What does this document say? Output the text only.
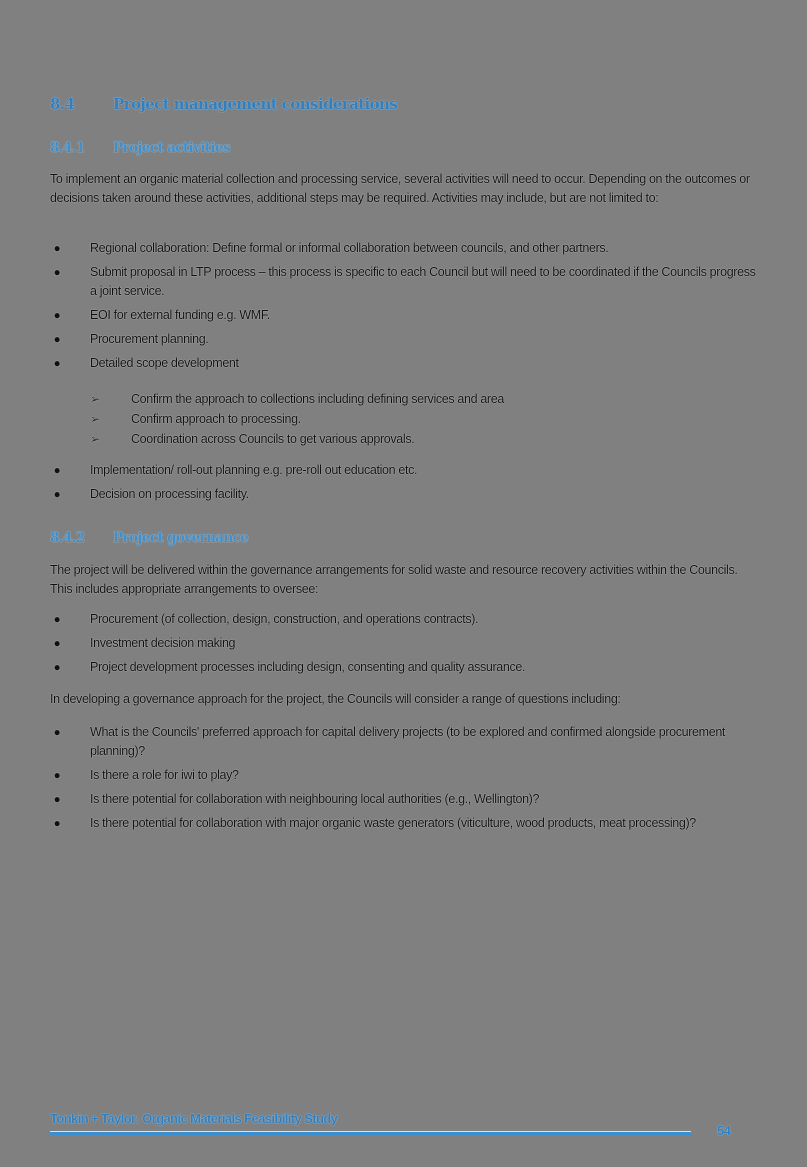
8.4	Project management considerations
8.4.1 Project activities

To implement an organic material collection and processing service, several activities will need to occur. Depending on the outcomes or decisions taken around these activities, additional steps may be required. Activities may include, but are not limited to:

● Regional collaboration: Define formal or informal collaboration between councils, and other partners.
● Submit proposal in LTP process – this process is specific to each Council but will need to be coordinated if the Councils progress a joint service.
● EOI for external funding e.g. WMF.
● Procurement planning.
● Detailed scope development
➢	Confirm the approach to collections including defining services and area
➢	Confirm approach to processing.
➢	Coordination across Councils to get various approvals.
● Implementation/ roll-out planning e.g. pre-roll out education etc.
● Decision on processing facility.
8.4.2 Project governance

The project will be delivered within the governance arrangements for solid waste and resource recovery activities within the Councils. This includes appropriate arrangements to oversee:

● Procurement (of collection, design, construction, and operations contracts).
● Investment decision making
● Project development processes including design, consenting and quality assurance.

In developing a governance approach for the project, the Councils will consider a range of questions including:

● What is the Councils' preferred approach for capital delivery projects (to be explored and confirmed alongside procurement planning)?
● Is there a role for iwi to play?
● Is there potential for collaboration with neighbouring local authorities (e.g., Wellington)?
● Is there potential for collaboration with major organic waste generators (viticulture, wood products, meat processing)?
Tonkin + Taylor: Organic Materials Feasibility Study
54
